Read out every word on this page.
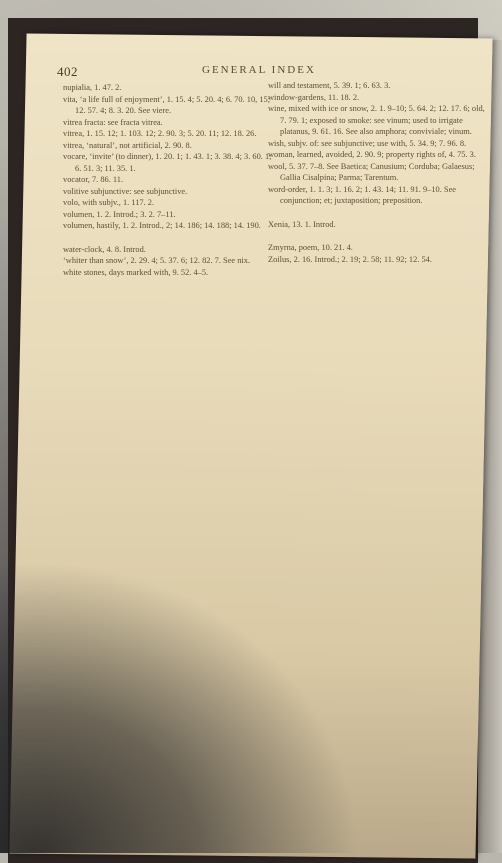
402	GENERAL INDEX
nupialia, 1. 47. 2.
vita, ‘a life full of enjoyment’, 1. 15. 4; 5. 20. 4; 6. 70. 10, 15; 12. 57. 4; 8. 3. 20. See viere.
vitrea fracta: see fracta vitrea.
vitrea, 1. 15. 12; 1. 103. 12; 2. 90. 3; 5. 20. 11; 12. 18. 26.
vitrea, ‘natural’, not artificial, 2. 90. 8.
vocare, ‘invite’ (to dinner), 1. 20. 1; 1. 43. 1; 3. 38. 4; 3. 60. 1; 6. 51. 3; 11. 35. 1.
vocator, 7. 86. 11.
volitive subjunctive: see subjunctive.
volo, with subjv., 1. 117. 2.
volumen, 1. 2. Introd.; 3. 2. 7–11.
volumen, hastily, 1. 2. Introd., 2; 14. 186; 14. 188; 14. 190.
water-clock, 4. 8. Introd.
‘whiter than snow’, 2. 29. 4; 5. 37. 6; 12. 82. 7. See nix.
white stones, days marked with, 9. 52. 4–5.
will and testament, 5. 39. 1; 6. 63. 3.
window-gardens, 11. 18. 2.
wine, mixed with ice or snow, 2. 1. 9–10; 5. 64. 2; 12. 17. 6; old, 7. 79. 1; exposed to smoke: see vinum; used to irrigate platanus, 9. 61. 16. See also amphora; conviviale; vinum.
wish, subjv. of: see subjunctive; use with, 5. 34. 9; 7. 96. 8.
woman, learned, avoided, 2. 90. 9; property rights of, 4. 75. 3.
wool, 5. 37. 7–8. See Baetica; Canusium; Corduba; Galaesus; Gallia Cisalpina; Parma; Tarentum.
word-order, 1. 1. 3; 1. 16. 2; 1. 43. 14; 11. 91. 9–10. See conjunction; et; juxtaposition; preposition.
Xenia, 13. 1. Introd.
Zmyrna, poem, 10. 21. 4.
Zoilus, 2. 16. Introd.; 2. 19; 2. 58; 11. 92; 12. 54.
